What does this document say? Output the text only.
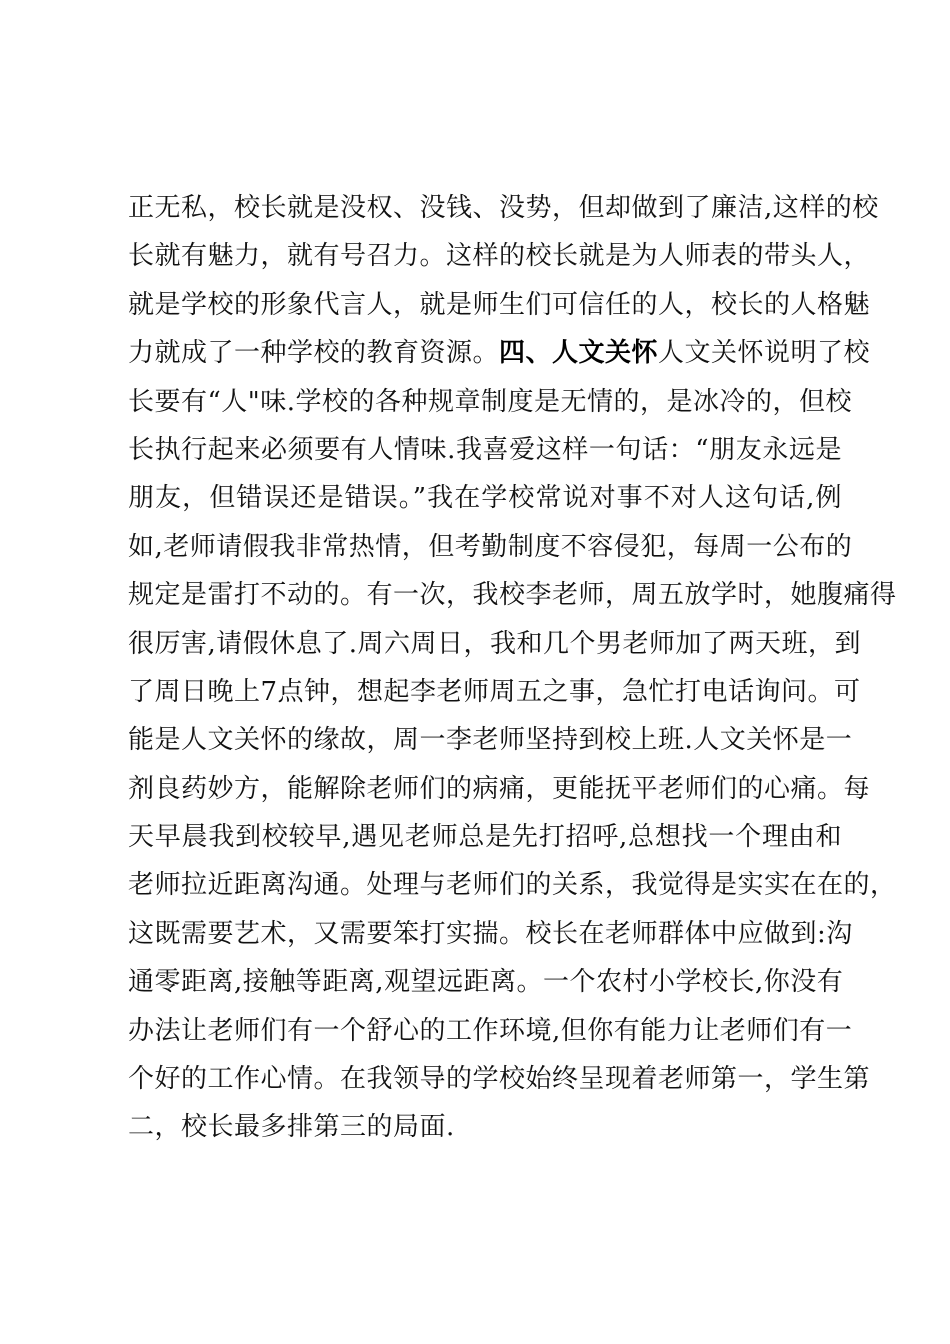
正无私，校长就是没权、没钱、没势，但却做到了廉洁,这样的校
长就有魅力，就有号召力。这样的校长就是为人师表的带头人，
就是学校的形象代言人，就是师生们可信任的人，校长的人格魅
力就成了一种学校的教育资源。四、人文关怀人文关怀说明了校
长要有“人"味.学校的各种规章制度是无情的，是冰冷的，但校
长执行起来必须要有人情味.我喜爱这样一句话：“朋友永远是
朋友，但错误还是错误。”我在学校常说对事不对人这句话,例
如,老师请假我非常热情，但考勤制度不容侵犯，每周一公布的
规定是雷打不动的。有一次，我校李老师，周五放学时，她腹痛得
很厉害,请假休息了.周六周日，我和几个男老师加了两天班，到
了周日晚上7点钟，想起李老师周五之事，急忙打电话询问。可
能是人文关怀的缘故，周一李老师坚持到校上班.人文关怀是一
剂良药妙方，能解除老师们的病痛，更能抚平老师们的心痛。每
天早晨我到校较早,遇见老师总是先打招呼,总想找一个理由和
老师拉近距离沟通。处理与老师们的关系，我觉得是实实在在的，
这既需要艺术，又需要笨打实揣。校长在老师群体中应做到:沟
通零距离,接触等距离,观望远距离。一个农村小学校长,你没有
办法让老师们有一个舒心的工作环境,但你有能力让老师们有一
个好的工作心情。在我领导的学校始终呈现着老师第一，学生第
二，校长最多排第三的局面.
